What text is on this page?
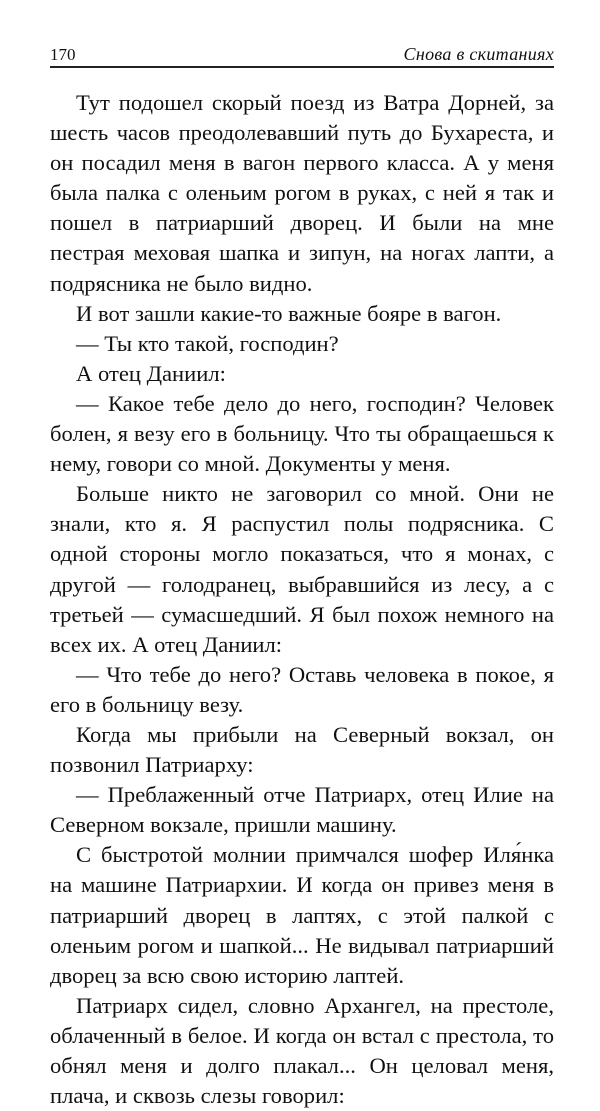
170	Снова в скитаниях

Тут подошел скорый поезд из Ватра Дорней, за шесть часов преодолевавший путь до Бухареста, и он посадил меня в вагон первого класса. А у меня была палка с оленьим рогом в руках, с ней я так и пошел в патриарший дворец. И были на мне пестрая меховая шапка и зипун, на ногах лапти, а подрясника не было видно.

И вот зашли какие-то важные бояре в вагон.

— Ты кто такой, господин?

А отец Даниил:

— Какое тебе дело до него, господин? Человек болен, я везу его в больницу. Что ты обращаешься к нему, говори со мной. Документы у меня.

Больше никто не заговорил со мной. Они не знали, кто я. Я распустил полы подрясника. С одной стороны могло показаться, что я монах, с другой — голодранец, выбравшийся из лесу, а с третьей — сумасшедший. Я был похож немного на всех их. А отец Даниил:

— Что тебе до него? Оставь человека в покое, я его в больницу везу.

Когда мы прибыли на Северный вокзал, он позвонил Патриарху:

— Преблаженный отче Патриарх, отец Илие на Северном вокзале, пришли машину.

С быстротой молнии примчался шофер Иля́нка на машине Патриархии. И когда он привез меня в патриарший дворец в лаптях, с этой палкой с оленьим рогом и шапкой... Не видывал патриарший дворец за всю свою историю лаптей.

Патриарх сидел, словно Архангел, на престоле, облаченный в белое. И когда он встал с престола, то обнял меня и долго плакал... Он целовал меня, плача, и сквозь слезы говорил:
